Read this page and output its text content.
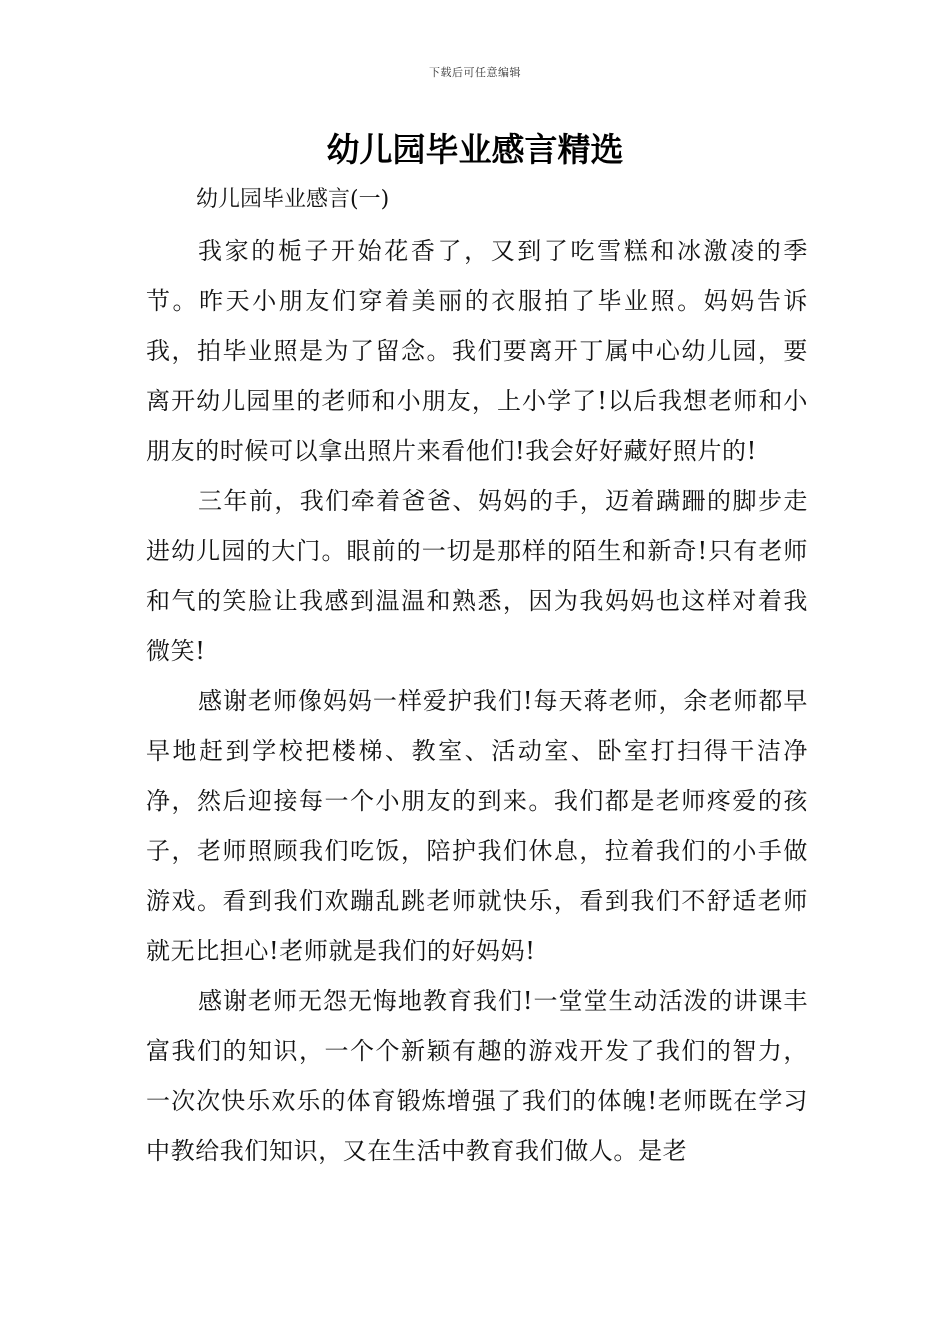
下载后可任意编辑
幼儿园毕业感言精选
幼儿园毕业感言(一)

我家的栀子开始花香了，又到了吃雪糕和冰激凌的季节。昨天小朋友们穿着美丽的衣服拍了毕业照。妈妈告诉我，拍毕业照是为了留念。我们要离开丁属中心幼儿园，要离开幼儿园里的老师和小朋友，上小学了!以后我想老师和小朋友的时候可以拿出照片来看他们!我会好好藏好照片的!

三年前，我们牵着爸爸、妈妈的手，迈着蹒跚的脚步走进幼儿园的大门。眼前的一切是那样的陌生和新奇!只有老师和气的笑脸让我感到温温和熟悉，因为我妈妈也这样对着我微笑!

感谢老师像妈妈一样爱护我们!每天蒋老师，余老师都早早地赶到学校把楼梯、教室、活动室、卧室打扫得干洁净净，然后迎接每一个小朋友的到来。我们都是老师疼爱的孩子，老师照顾我们吃饭，陪护我们休息，拉着我们的小手做游戏。看到我们欢蹦乱跳老师就快乐，看到我们不舒适老师就无比担心!老师就是我们的好妈妈!

感谢老师无怨无悔地教育我们!一堂堂生动活泼的讲课丰富我们的知识，一个个新颖有趣的游戏开发了我们的智力，一次次快乐欢乐的体育锻炼增强了我们的体魄!老师既在学习中教给我们知识，又在生活中教育我们做人。是老
